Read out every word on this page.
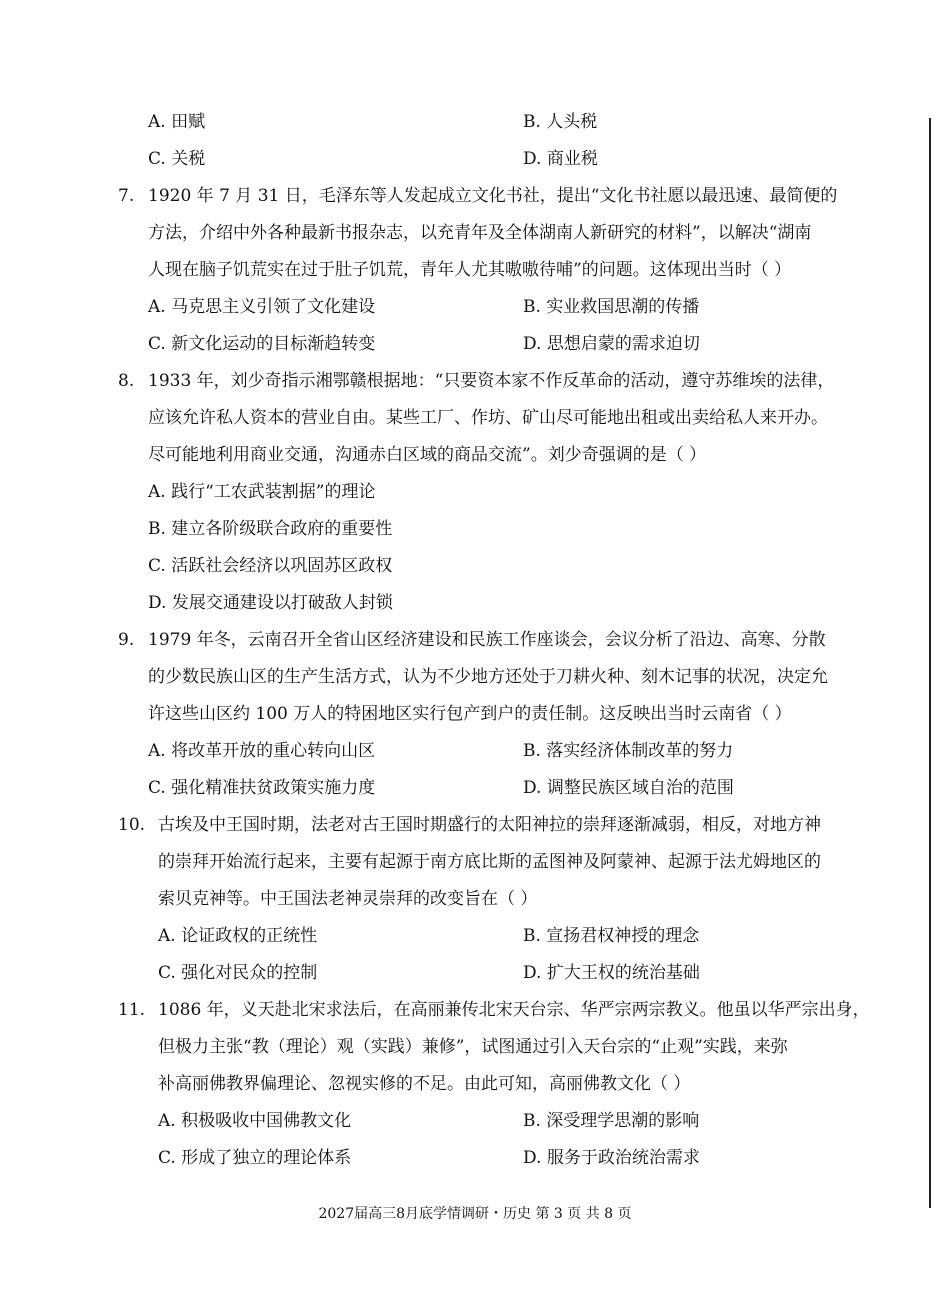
A. 田赋	B. 人头税
C. 关税	D. 商业税
7. 1920 年 7 月 31 日，毛泽东等人发起成立文化书社，提出“文化书社愿以最迅速、最简便的
方法，介绍中外各种最新书报杂志，以充青年及全体湖南人新研究的材料”，以解决“湖南
人现在脑子饥荒实在过于肚子饥荒，青年人尤其嗷嗷待哺”的问题。这体现出当时（ ）
A. 马克思主义引领了文化建设	B. 实业救国思潮的传播
C. 新文化运动的目标渐趋转变	D. 思想启蒙的需求迫切
8. 1933 年，刘少奇指示湘鄂赣根据地：“只要资本家不作反革命的活动，遵守苏维埃的法律，
应该允许私人资本的营业自由。某些工厂、作坊、矿山尽可能地出租或出卖给私人来开办。
尽可能地利用商业交通，沟通赤白区域的商品交流”。刘少奇强调的是（ ）
A. 践行“工农武装割据”的理论
B. 建立各阶级联合政府的重要性
C. 活跃社会经济以巩固苏区政权
D. 发展交通建设以打破敌人封锁
9. 1979 年冬，云南召开全省山区经济建设和民族工作座谈会，会议分析了沿边、高寒、分散
的少数民族山区的生产生活方式，认为不少地方还处于刀耕火种、刻木记事的状况，决定允
许这些山区约 100 万人的特困地区实行包产到户的责任制。这反映出当时云南省（ ）
A. 将改革开放的重心转向山区	B. 落实经济体制改革的努力
C. 强化精准扶贫政策实施力度	D. 调整民族区域自治的范围
10. 古埃及中王国时期，法老对古王国时期盛行的太阳神拉的崇拜逐渐减弱，相反，对地方神
的崇拜开始流行起来，主要有起源于南方底比斯的孟图神及阿蒙神、起源于法尤姆地区的
索贝克神等。中王国法老神灵崇拜的改变旨在（ ）
A. 论证政权的正统性	B. 宣扬君权神授的理念
C. 强化对民众的控制	D. 扩大王权的统治基础
11. 1086 年，义天赴北宋求法后，在高丽兼传北宋天台宗、华严宗两宗教义。他虽以华严宗出身，
但极力主张“教（理论）观（实践）兼修”，试图通过引入天台宗的“止观”实践，来弥
补高丽佛教界偏理论、忽视实修的不足。由此可知，高丽佛教文化（ ）
A. 积极吸收中国佛教文化	B. 深受理学思潮的影响
C. 形成了独立的理论体系	D. 服务于政治统治需求
2027届高三8月底学情调研・历史 第 3 页 共 8 页
